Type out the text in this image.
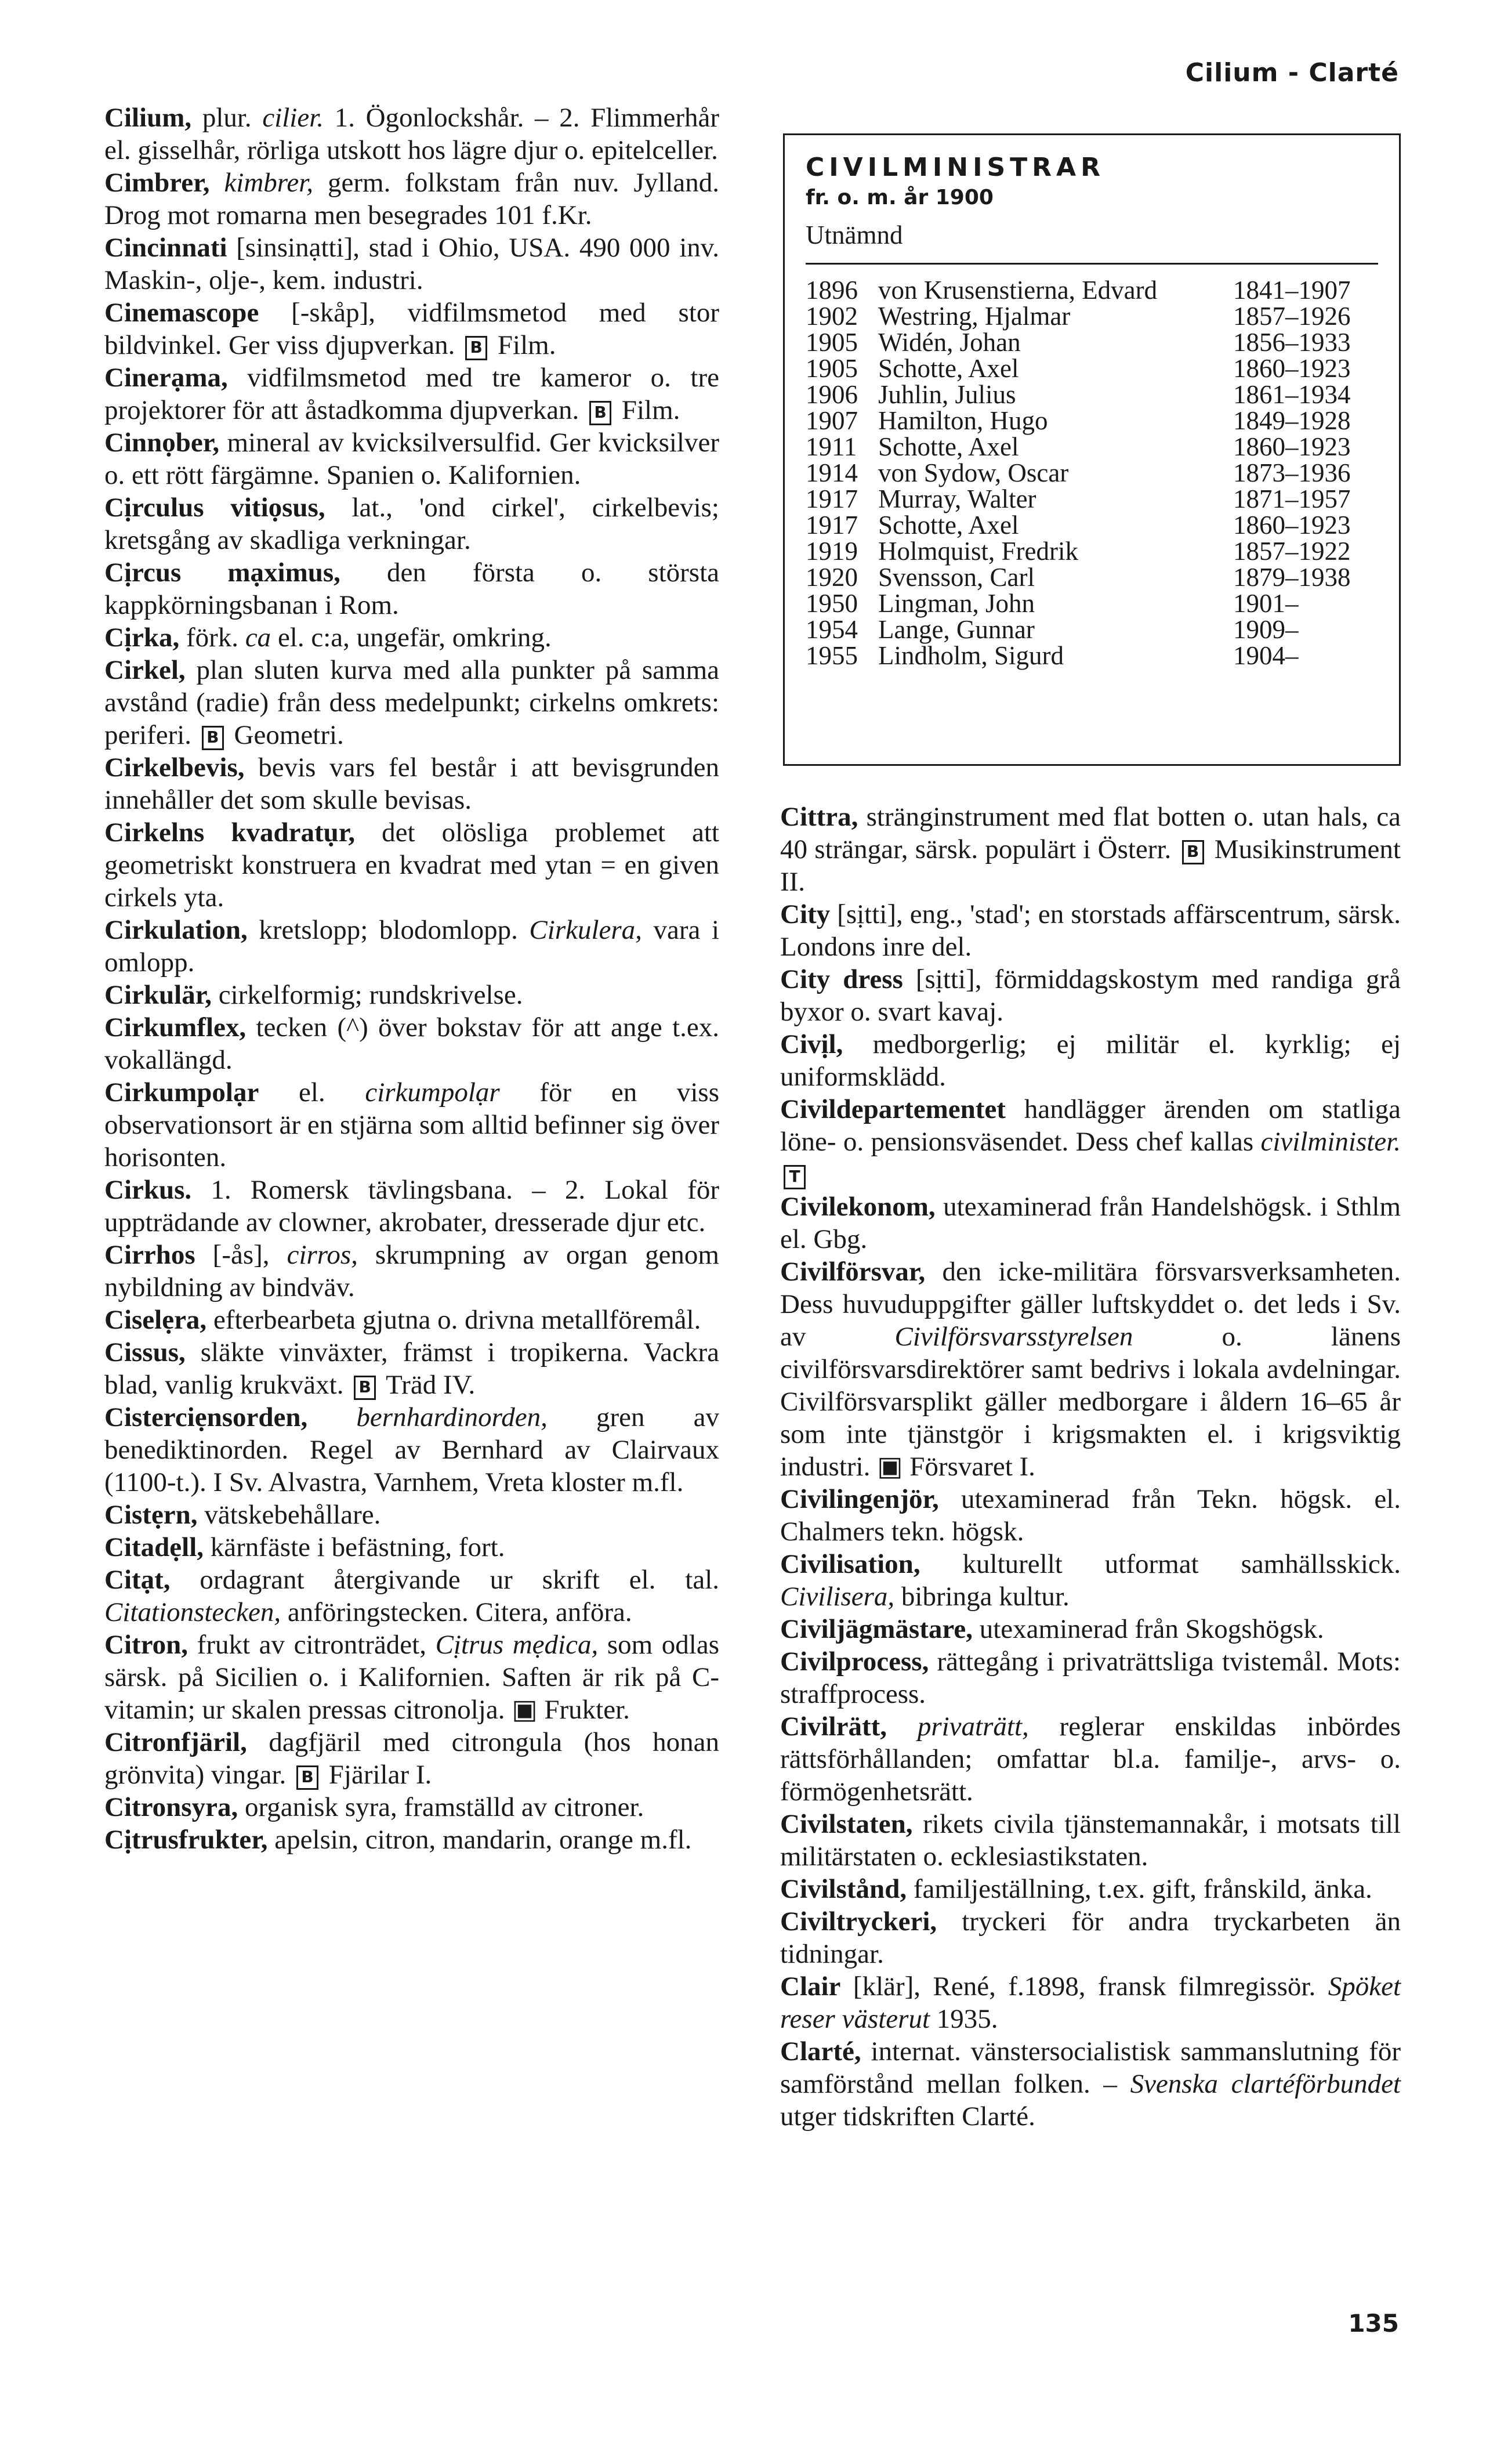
Cilium - Clarté

Cilium, plur. cilier. 1. Ögonlockshår. – 2. Flimmerhår el. gisselhår, rörliga utskott hos lägre djur o. epitelceller.

Cimbrer, kimbrer, germ. folkstam från nuv. Jylland. Drog mot romarna men besegrades 101 f.Kr.

Cincinnati [sinsinạtti], stad i Ohio, USA. 490 000 inv. Maskin-, olje-, kem. industri.

Cinemascope [-skåp], vidfilmsmetod med stor bildvinkel. Ger viss djupverkan. B Film.

Cinerạma, vidfilmsmetod med tre kameror o. tre projektorer för att åstadkomma djupverkan. B Film.

Cinnọber, mineral av kvicksilversulfid. Ger kvicksilver o. ett rött färgämne. Spanien o. Kalifornien.

Cịrculus vitiọsus, lat., 'ond cirkel', cirkelbevis; kretsgång av skadliga verkningar.

Cịrcus mạximus, den första o. största kappkörningsbanan i Rom.

Cịrka, förk. ca el. c:a, ungefär, omkring.

Cirkel, plan sluten kurva med alla punkter på samma avstånd (radie) från dess medelpunkt; cirkelns omkrets: periferi. B Geometri.

Cirkelbevis, bevis vars fel består i att bevisgrunden innehåller det som skulle bevisas.

Cirkelns kvadratụr, det olösliga problemet att geometriskt konstruera en kvadrat med ytan = en given cirkels yta.

Cirkulation, kretslopp; blodomlopp. Cirkulera, vara i omlopp.

Cirkulär, cirkelformig; rundskrivelse.

Cirkumflex, tecken (^) över bokstav för att ange t.ex. vokallängd.

Cirkumpolạr el. cirkumpolạr för en viss observationsort är en stjärna som alltid befinner sig över horisonten.

Cirkus. 1. Romersk tävlingsbana. – 2. Lokal för uppträdande av clowner, akrobater, dresserade djur etc.

Cirrhos [-ås], cirros, skrumpning av organ genom nybildning av bindväv.

Ciselẹra, efterbearbeta gjutna o. drivna metallföremål.

Cissus, släkte vinväxter, främst i tropikerna. Vackra blad, vanlig krukväxt. B Träd IV.

Cisterciẹnsorden, bernhardinorden, gren av benediktinorden. Regel av Bernhard av Clairvaux (1100-t.). I Sv. Alvastra, Varnhem, Vreta kloster m.fl.

Cistẹrn, vätskebehållare.

Citadẹll, kärnfäste i befästning, fort.

Citạt, ordagrant återgivande ur skrift el. tal. Citationstecken, anföringstecken. Citera, anföra.

Citron, frukt av citronträdet, Cịtrus mẹdica, som odlas särsk. på Sicilien o. i Kalifornien. Saften är rik på C-vitamin; ur skalen pressas citronolja. ▣ Frukter.

Citronfjäril, dagfjäril med citrongula (hos honan grönvita) vingar. B Fjärilar I.

Citronsyra, organisk syra, framställd av citroner.

Cịtrusfrukter, apelsin, citron, mandarin, orange m.fl.

CIVILMINISTRAR
fr. o. m. år 1900
Utnämnd
1896 von Krusenstierna, Edvard	1841–1907
1902 Westring, Hjalmar	1857–1926
1905 Widén, Johan	1856–1933
1905 Schotte, Axel	1860–1923
1906 Juhlin, Julius	1861–1934
1907 Hamilton, Hugo	1849–1928
1911 Schotte, Axel	1860–1923
1914 von Sydow, Oscar	1873–1936
1917 Murray, Walter	1871–1957
1917 Schotte, Axel	1860–1923
1919 Holmquist, Fredrik	1857–1922
1920 Svensson, Carl	1879–1938
1950 Lingman, John	1901–
1954 Lange, Gunnar	1909–
1955 Lindholm, Sigurd	1904–

Cittra, stränginstrument med flat botten o. utan hals, ca 40 strängar, särsk. populärt i Österr. B Musikinstrument II.

City [sịtti], eng., 'stad'; en storstads affärscentrum, särsk. Londons inre del.

City dress [sịtti], förmiddagskostym med randiga grå byxor o. svart kavaj.

Civịl, medborgerlig; ej militär el. kyrklig; ej uniformsklädd.

Civildepartementet handlägger ärenden om statliga löne- o. pensionsväsendet. Dess chef kallas civilminister.T

Civilekonom, utexaminerad från Handelshögsk. i Sthlm el. Gbg.

Civilförsvar, den icke-militära försvarsverksamheten. Dess huvuduppgifter gäller luftskyddet o. det leds i Sv. av Civilförsvarsstyrelsen o. länens civilförsvarsdirektörer samt bedrivs i lokala avdelningar. Civilförsvarsplikt gäller medborgare i åldern 16–65 år som inte tjänstgör i krigsmakten el. i krigsviktig industri. ▣ Försvaret I.

Civilingenjör, utexaminerad från Tekn. högsk. el. Chalmers tekn. högsk.

Civilisation, kulturellt utformat samhällsskick. Civilisera, bibringa kultur.

Civiljägmästare, utexaminerad från Skogshögsk.

Civilprocess, rättegång i privaträttsliga tvistemål. Mots: straffprocess.

Civilrätt, privaträtt, reglerar enskildas inbördes rättsförhållanden; omfattar bl.a. familje-, arvs- o. förmögenhetsrätt.

Civilstaten, rikets civila tjänstemannakår, i motsats till militärstaten o. ecklesiastikstaten.

Civilstånd, familjeställning, t.ex. gift, frånskild, änka.

Civiltryckeri, tryckeri för andra tryckarbeten än tidningar.

Clair [klär], René, f.1898, fransk filmregissör. Spöket reser västerut 1935.

Clarté, internat. vänstersocialistisk sammanslutning för samförstånd mellan folken. – Svenska clartéförbundet utger tidskriften Clarté.

135
